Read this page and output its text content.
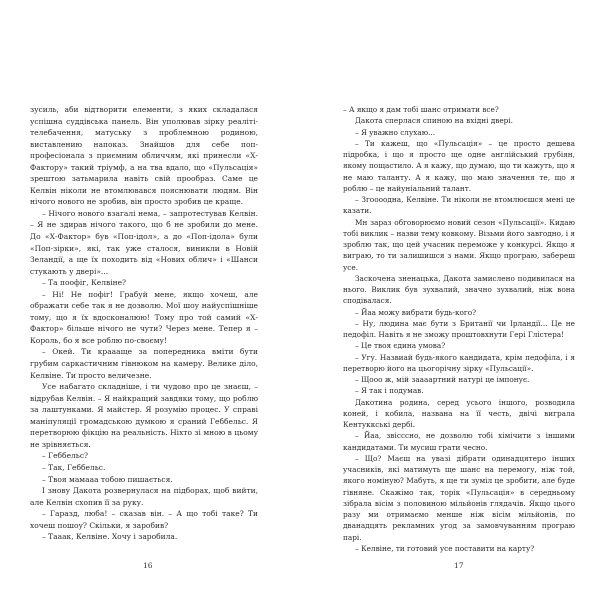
зусиль, аби відтворити елементи, з яких складалася успішна суддівська панель. Він уполював зірку реаліті-телебачення, матуську з проблемною родиною, виставлению напоказ. Знайшов для себе поп-професіонала з приємним обличчям, які принесли «Х-Фактору» такий тріумф, а на тва вдало, що «Пульсація» зрештою затьмарила навіть свій прообраз. Саме це Келвін ніколи не втомлювався пояснювати людям. Він нічого нового не зробив, він просто зробив це краще.

– Нічого нового взагалі нема, – запротестував Келвін. – Я не здирав нічого такого, що б не зробили до мене. До «Х-Фактор» був «Поп-ідол», а до «Поп-ідола» були «Поп-зірки», які, так уже сталося, виникли в Новій Зеландії, а ще їх походить від «Нових облич» і «Шанси стукають у двері»...

– Та поофіг, Келвіне?

– Ні! Не пофіг! Грабуй мене, якщо хочеш, але ображати себе так я не дозволю. Мої шоу найуспішніше тому, що я їх вдосконалюю! Тому про той самий «Х-Фактор» більше нічого не чути? Через мене. Тепер я – Король, бо я все роблю по-своєму!

– Окей. Ти краааще за попередника вміти бути грубим саркастичним гівнюком на камеру. Велике діло, Келвіне. Ти просто величезне.

Усе набагато складніше, і ти чудово про це знаєш, – відрубав Келвін. – Я найкращий завдяки тому, що роблю за лаштунками. Я майстер. Я розумію процес. У справі маніпуляції громадською думкою я сраний Геббельс. Я перетворюю фікцію на реальність. Ніхто зі мною в цьому не зрівняється.

– Геббельс?

– Так, Геббельс.

– Твоя мамааа тобою пишається.

І знову Дакота розвернулася на підборах, щоб вийти, але Келвін схопив її за руку.

– Гаразд, люба! – сказав він. – А що тобі таке? Ти хочеш пошоу? Скільки, я заробив?

– Тааак, Келвіне. Хочу і заробила.

16

– А якщо я дам тобі шанс отримати все?

Дакота сперлася спиною на вхідні двері.

– Я уважно слухаю...

– Ти кажеш, що «Пульсація» – це просто дешева підробка, і що я просто ще одне англійський грубіян, якому пощастило. А я кажу, що думаю, що ти кажуть, що я не маю таланту. А я кажу, що маю значення те, що я роблю – це найуніальний талант.

– Згоооодна, Келвіне. Ти ніколи не втомлюєшся мені це казати.

Мн зараз обговорюємо новий сезон «Пульсації». Кидаю тобі виклик – назви тему ковкому. Візьми його завгодно, і я зроблю так, що цей учасник переможе у конкурсі. Якщо я виграю, то ти залишишся з нами. Якщо програю, забереш усе.

Заскочена зненацька, Дакота замислено подивилася на нього. Виклик був зухвалий, значно зухвалий, ніж вона сподівалася.

– Йаа можу вибрати будь-кого?

– Ну, людина має бути з Британії чи Ірландії... Це не педофіл. Навіть я не зможу проштовхнути Гері Глістера!

– Це твоя єдина умова?

– Угу. Назвиай будь-якого кандидата, крім педофіла, і я перетворю його на цьогорічну зірку «Пульсації».

– Щооо ж, мій заааартний натурі це імпонує.

– Я так і подумав.

Дакотина родина, серед усього іншого, розводила коней, і кобила, названа на її честь, двічі виграла Кентуккські дербі.

– Йаа, звісссно, не дозволю тобі хімічити з іншими кандидатами. Ти мусиш грати чесно.

– Що? Маєш на увазі дібрати одинадцятеро інших учасників, які матимуть ще шанс на перемогу, ніж той, якого номіную? Мабуть, я ще ти зуміл це зробити, але буде гівняне. Скажімо так, торік «Пульсація» в середньому зібрала вісім з половиною мільйонів глядачів. Якщо цього разу ми отримаємо менше ніж вісім мільйонів, по дванадцять рекламних угод за замовчуванням програю парі.

– Келвіне, ти готовий усе поставити на карту?

17
